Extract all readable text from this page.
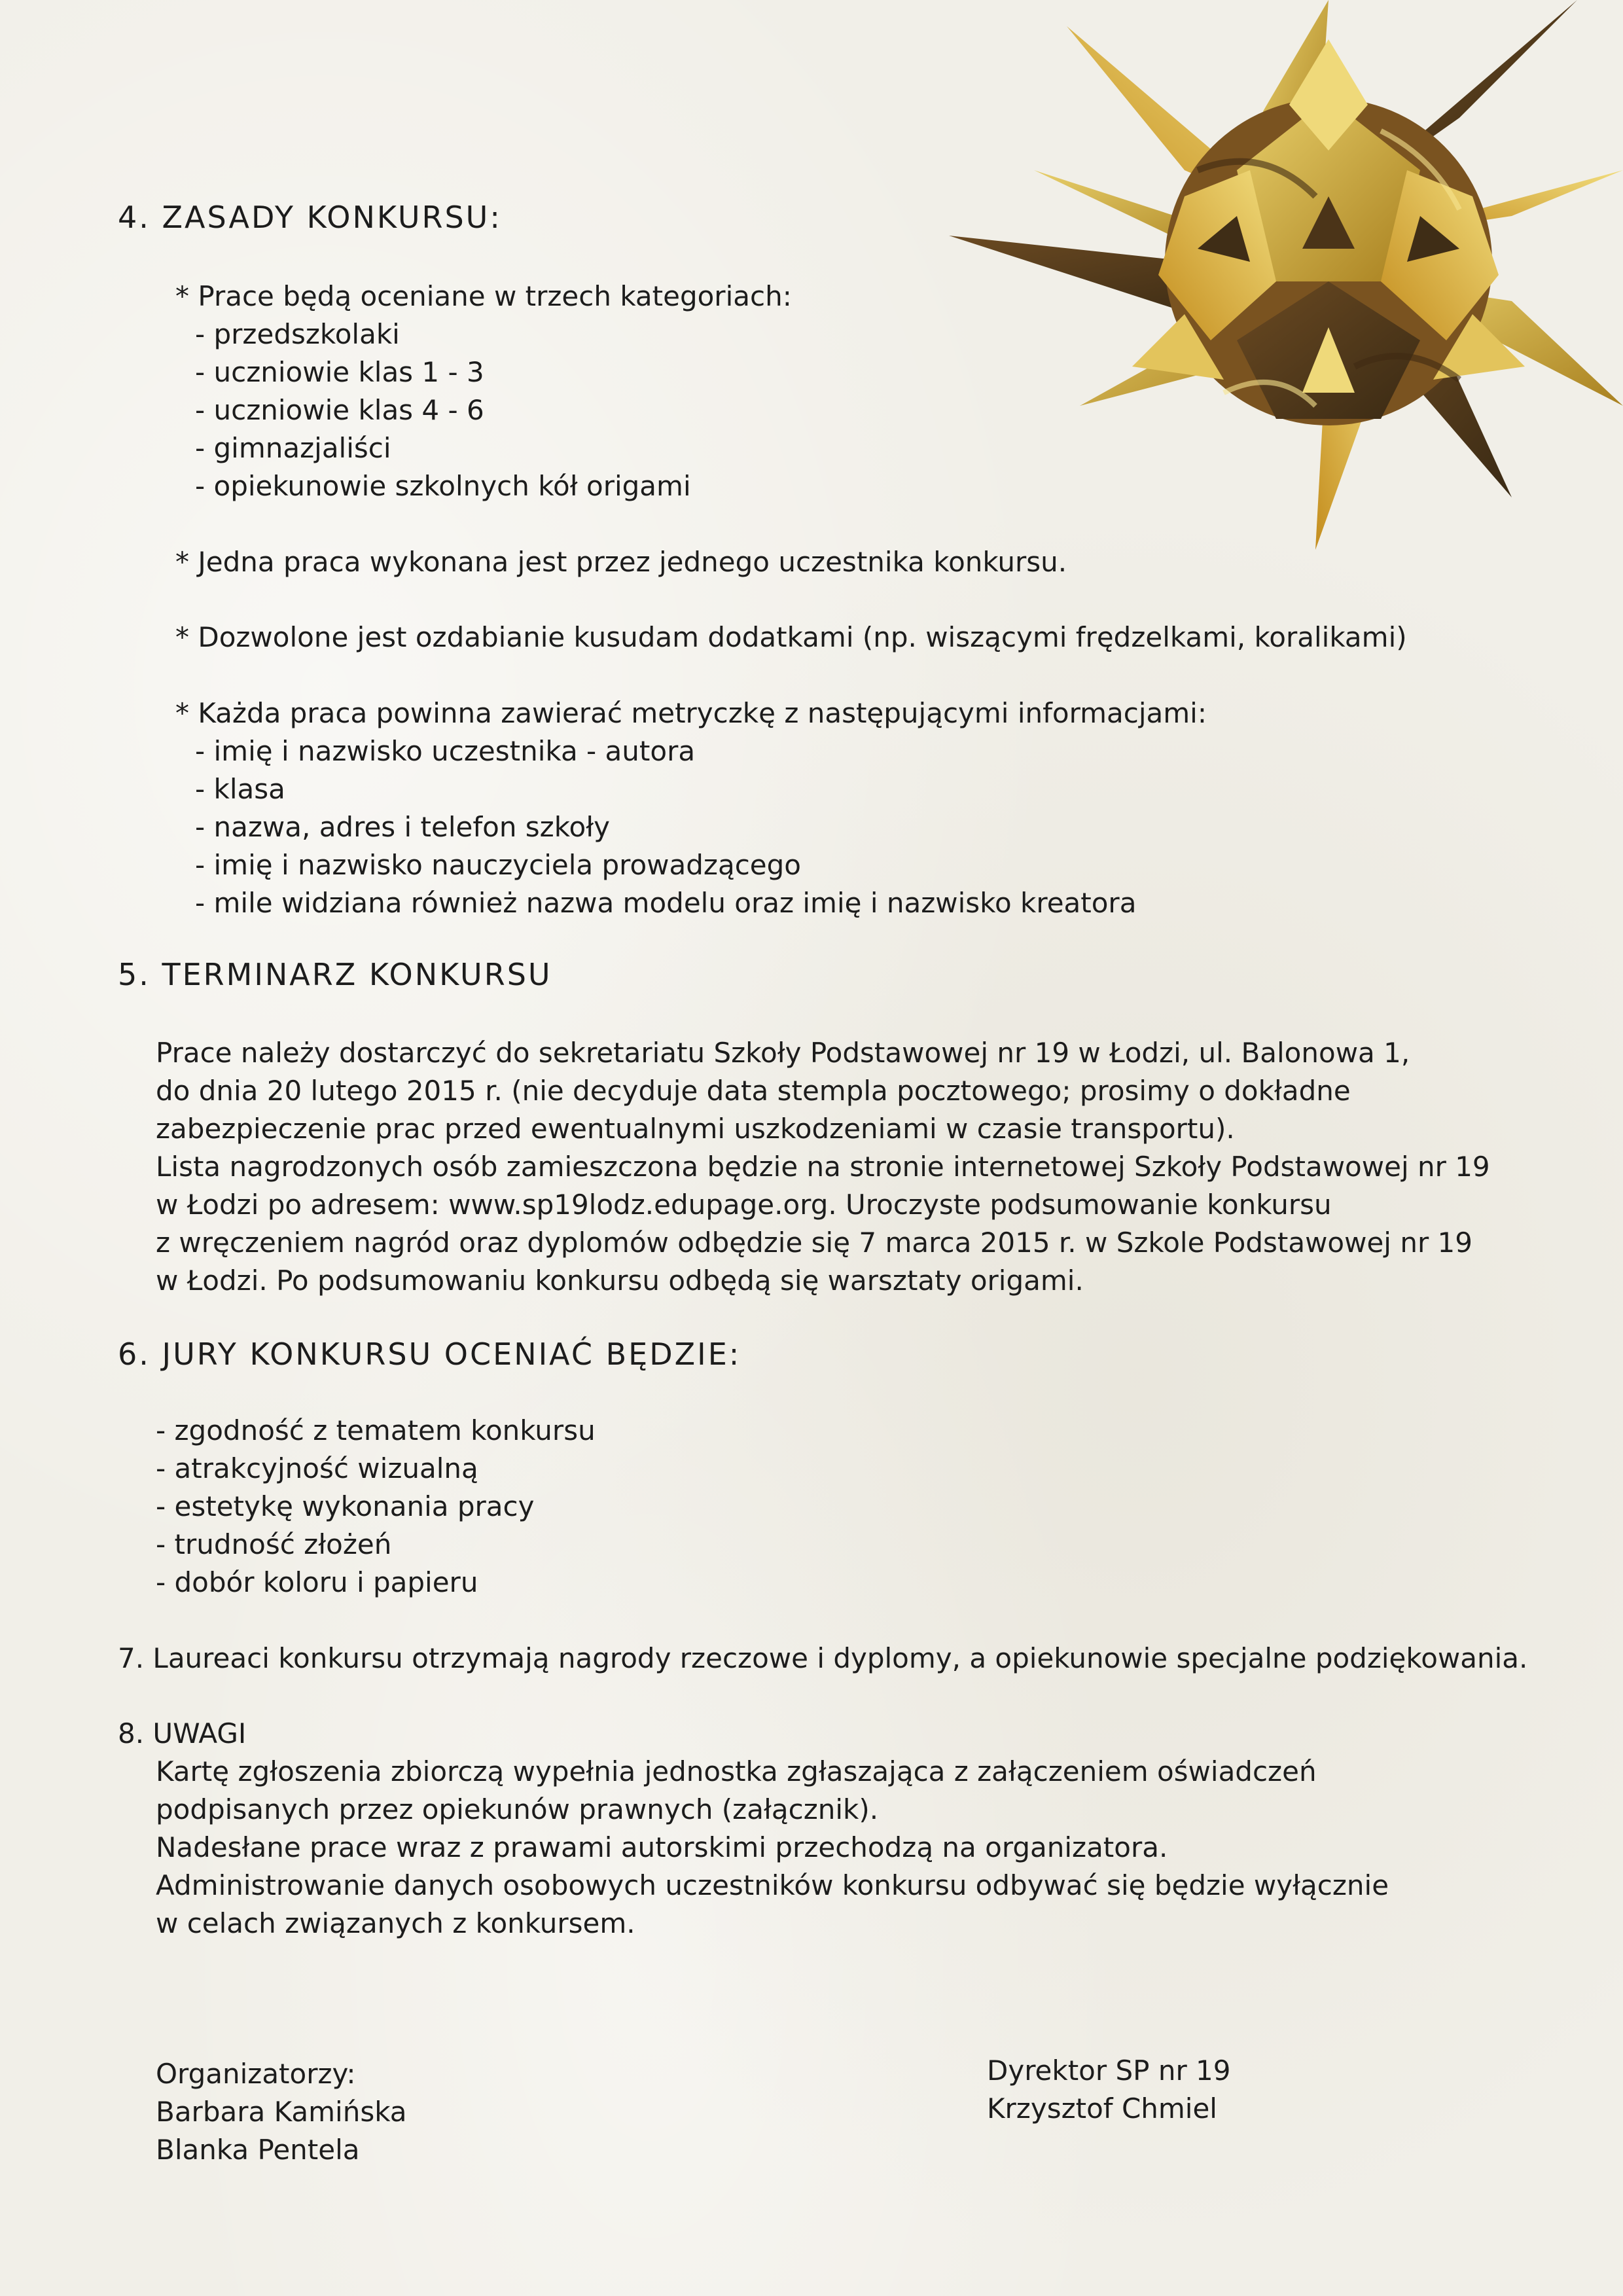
4. ZASADY KONKURSU:

* Prace będą oceniane w trzech kategoriach:

- przedszkolaki

- uczniowie klas 1 - 3

- uczniowie klas 4 - 6

- gimnazjaliści

- opiekunowie szkolnych kół origami

* Jedna praca wykonana jest przez jednego uczestnika konkursu.

* Dozwolone jest ozdabianie kusudam dodatkami (np. wiszącymi frędzelkami, koralikami)

* Każda praca powinna zawierać metryczkę z następującymi informacjami:

- imię i nazwisko uczestnika - autora

- klasa

- nazwa, adres i telefon szkoły

- imię i nazwisko nauczyciela prowadzącego

- mile widziana również nazwa modelu oraz imię i nazwisko kreatora

5. TERMINARZ KONKURSU

Prace należy dostarczyć do sekretariatu Szkoły Podstawowej nr 19 w Łodzi, ul. Balonowa 1,

do dnia 20 lutego 2015 r. (nie decyduje data stempla pocztowego; prosimy o dokładne

zabezpieczenie prac przed ewentualnymi uszkodzeniami w czasie transportu).

Lista nagrodzonych osób zamieszczona będzie na stronie internetowej Szkoły Podstawowej nr 19

w Łodzi po adresem: www.sp19lodz.edupage.org. Uroczyste podsumowanie konkursu

z wręczeniem nagród oraz dyplomów odbędzie się 7 marca 2015 r. w Szkole Podstawowej nr 19

w Łodzi. Po podsumowaniu konkursu odbędą się warsztaty origami.

6. JURY KONKURSU OCENIAĆ BĘDZIE:

- zgodność z tematem konkursu

- atrakcyjność wizualną

- estetykę wykonania pracy

- trudność złożeń

- dobór koloru i papieru

7. Laureaci konkursu otrzymają nagrody rzeczowe i dyplomy, a opiekunowie specjalne podziękowania.

8. UWAGI

Kartę zgłoszenia zbiorczą wypełnia jednostka zgłaszająca z załączeniem oświadczeń

podpisanych przez opiekunów prawnych (załącznik).

Nadesłane prace wraz z prawami autorskimi przechodzą na organizatora.

Administrowanie danych osobowych uczestników konkursu odbywać się będzie wyłącznie

w celach związanych z konkursem.

Organizatorzy:

Barbara Kamińska

Blanka Pentela

Dyrektor SP nr 19

Krzysztof Chmiel
